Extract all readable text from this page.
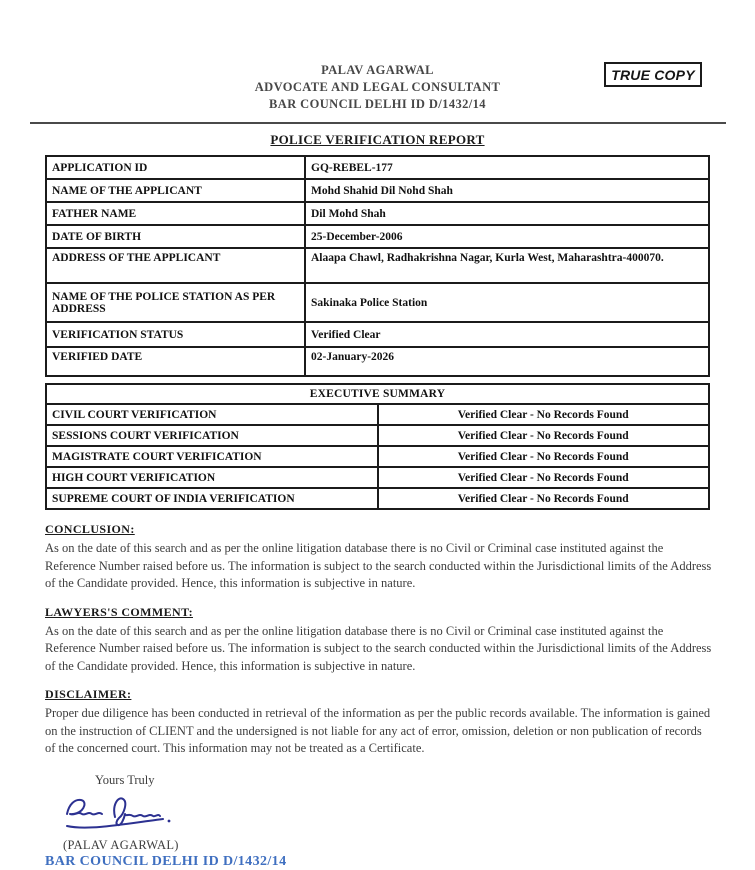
TRUE COPY
PALAV AGARWAL
ADVOCATE AND LEGAL CONSULTANT
BAR COUNCIL DELHI ID D/1432/14
POLICE VERIFICATION REPORT
APPLICATION ID	GQ-REBEL-177
NAME OF THE APPLICANT	Mohd Shahid Dil Nohd Shah
FATHER NAME	Dil Mohd Shah
DATE OF BIRTH	25-December-2006
ADDRESS OF THE APPLICANT	Alaapa Chawl, Radhakrishna Nagar, Kurla West, Maharashtra-400070.
NAME OF THE POLICE STATION AS PER ADDRESS	Sakinaka Police Station
VERIFICATION STATUS	Verified Clear
VERIFIED DATE	02-January-2026
EXECUTIVE SUMMARY	
CIVIL COURT VERIFICATION	Verified Clear - No Records Found
SESSIONS COURT VERIFICATION	Verified Clear - No Records Found
MAGISTRATE COURT VERIFICATION	Verified Clear - No Records Found
HIGH COURT VERIFICATION	Verified Clear - No Records Found
SUPREME COURT OF INDIA VERIFICATION	Verified Clear - No Records Found
CONCLUSION:
As on the date of this search and as per the online litigation database there is no Civil or Criminal case instituted against the Reference Number raised before us. The information is subject to the search conducted within the Jurisdictional limits of the Address of the Candidate provided. Hence, this information is subjective in nature.
LAWYERS'S COMMENT:
As on the date of this search and as per the online litigation database there is no Civil or Criminal case instituted against the Reference Number raised before us. The information is subject to the search conducted within the Jurisdictional limits of the Address of the Candidate provided. Hence, this information is subjective in nature.
DISCLAIMER:
Proper due diligence has been conducted in retrieval of the information as per the public records available. The information is gained on the instruction of CLIENT and the undersigned is not liable for any act of error, omission, deletion or non publication of records of the concerned court. This information may not be treated as a Certificate.
Yours Truly
(PALAV AGARWAL)
BAR COUNCIL DELHI ID D/1432/14
